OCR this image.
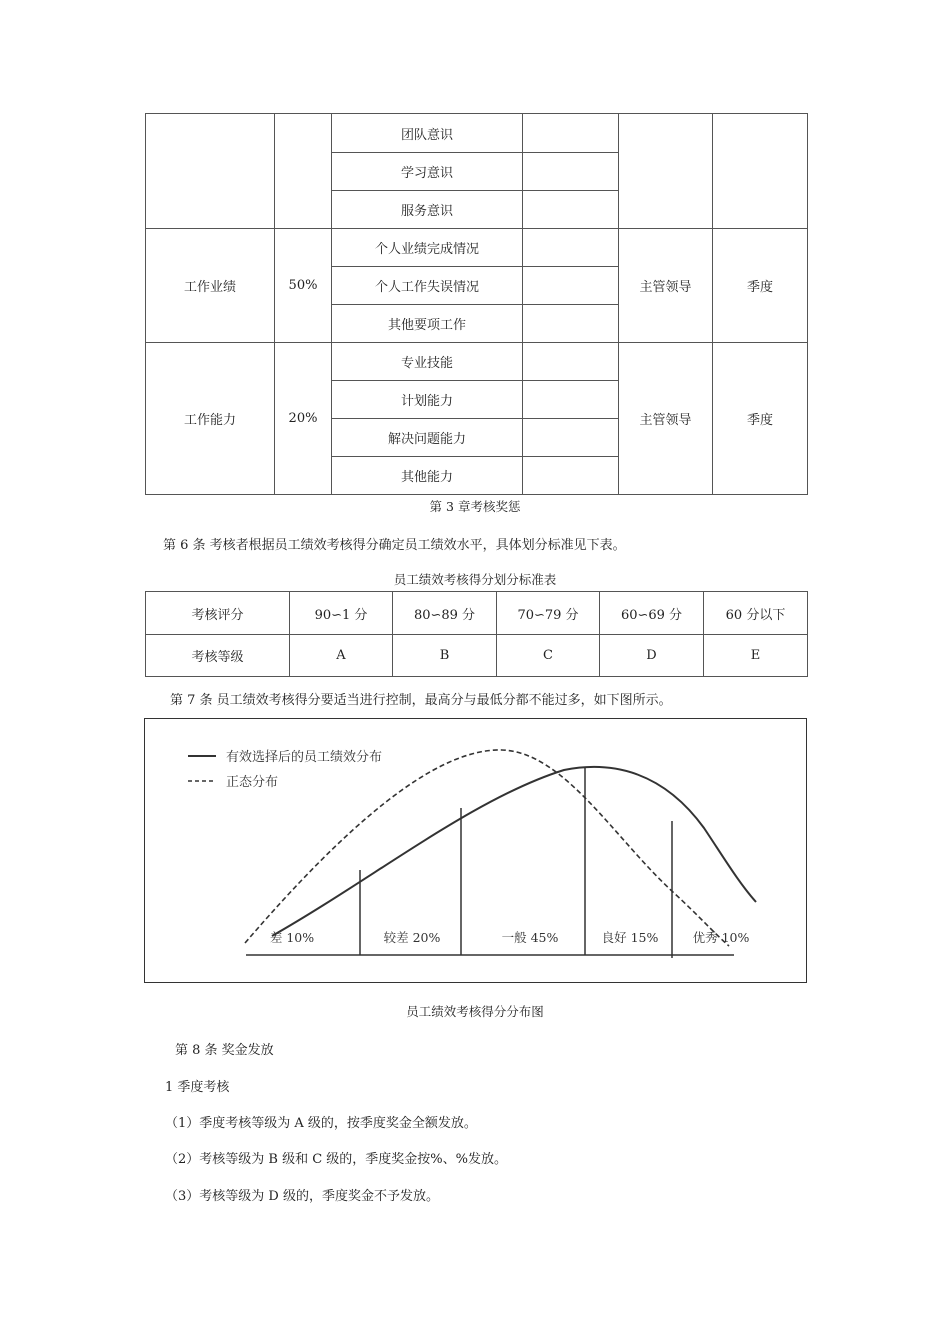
		团队意识			
		学习意识			
		服务意识			
工作业绩	50%	个人业绩完成情况		主管领导	季度
		个人工作失误情况			
		其他要项工作			
工作能力	20%	专业技能		主管领导	季度
		计划能力			
		解决问题能力			
		其他能力			
第 3 章考核奖惩
第 6 条 考核者根据员工绩效考核得分确定员工绩效水平，具体划分标准见下表。
员工绩效考核得分划分标准表
考核评分	90∽1 分	80∽89 分	70∽79 分	60∽69 分	60 分以下
考核等级	A	B	C	D	E
第 7 条 员工绩效考核得分要适当进行控制，最高分与最低分都不能过多，如下图所示。
有效选择后的员工绩效分布
正态分布
差 10%	较差 20%	一般 45%	良好 15%	优秀 10%
员工绩效考核得分分布图
第 8 条 奖金发放
1 季度考核
（1）季度考核等级为 A 级的，按季度奖金全额发放。
（2）考核等级为 B 级和 C 级的，季度奖金按%、%发放。
（3）考核等级为 D 级的，季度奖金不予发放。
